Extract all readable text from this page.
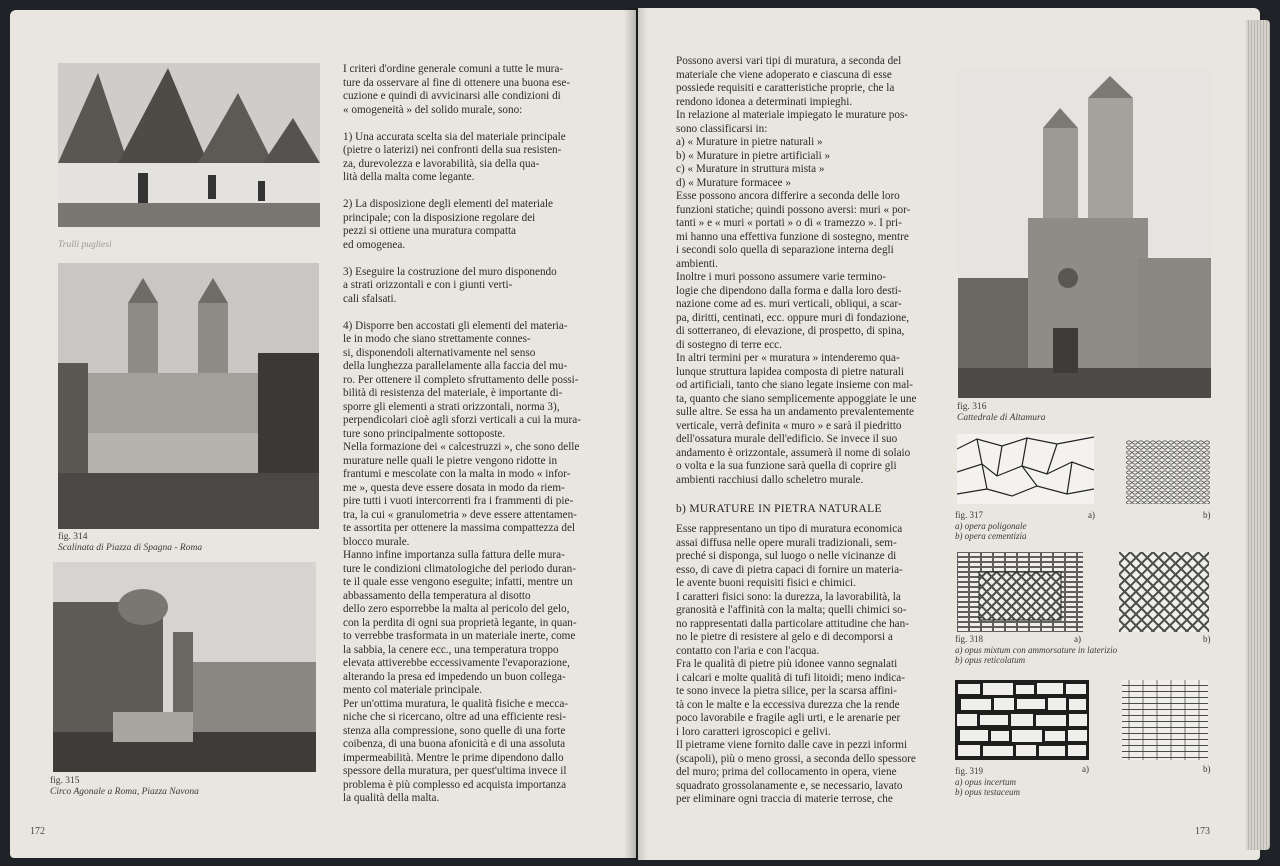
Trulli pugliesi
fig. 314
Scalinata di Piazza di Spagna - Roma
fig. 315
Circo Agonale a Roma, Piazza Navona
I criteri d'ordine generale comuni a tutte le mura-
ture da osservare al fine di ottenere una buona ese-
cuzione e quindi di avvicinarsi alle condizioni di
« omogeneità » del solido murale, sono:
1) Una accurata scelta sia del materiale principale
(pietre o laterizi) nei confronti della sua resisten-
za, durevolezza e lavorabilità, sia della qua-
lità della malta come legante.
2) La disposizione degli elementi del materiale
principale; con la disposizione regolare dei
pezzi si ottiene una muratura compatta
ed omogenea.
3) Eseguire la costruzione del muro disponendo
a strati orizzontali e con i giunti verti-
cali sfalsati.
4) Disporre ben accostati gli elementi del materia-
le in modo che siano strettamente connes-
si, disponendoli alternativamente nel senso
della lunghezza parallelamente alla faccia del mu-
ro. Per ottenere il completo sfruttamento delle possi-
bilità di resistenza del materiale, è importante di-
sporre gli elementi a strati orizzontali, norma 3),
perpendicolari cioè agli sforzi verticali a cui la mura-
ture sono principalmente sottoposte.
Nella formazione dei « calcestruzzi », che sono delle
murature nelle quali le pietre vengono ridotte in
frantumi e mescolate con la malta in modo « infor-
me », questa deve essere dosata in modo da riem-
pire tutti i vuoti intercorrenti fra i frammenti di pie-
tra, la cui « granulometria » deve essere attentamen-
te assortita per ottenere la massima compattezza del
blocco murale.
Hanno infine importanza sulla fattura delle mura-
ture le condizioni climatologiche del periodo duran-
te il quale esse vengono eseguite; infatti, mentre un
abbassamento della temperatura al disotto
dello zero esporrebbe la malta al pericolo del gelo,
con la perdita di ogni sua proprietà legante, in quan-
to verrebbe trasformata in un materiale inerte, come
la sabbia, la cenere ecc., una temperatura troppo
elevata attiverebbe eccessivamente l'evaporazione,
alterando la presa ed impedendo un buon collega-
mento col materiale principale.
Per un'ottima muratura, le qualità fisiche e mecca-
niche che si ricercano, oltre ad una efficiente resi-
stenza alla compressione, sono quelle di una forte
coibenza, di una buona afonicità e di una assoluta
impermeabilità. Mentre le prime dipendono dallo
spessore della muratura, per quest'ultima invece il
problema è più complesso ed acquista importanza
la qualità della malta.
172
Possono aversi vari tipi di muratura, a seconda del
materiale che viene adoperato e ciascuna di esse
possiede requisiti e caratteristiche proprie, che la
rendono idonea a determinati impieghi.
In relazione al materiale impiegato le murature pos-
sono classificarsi in:
a) « Murature in pietre naturali »
b) « Murature in pietre artificiali »
c) « Murature in struttura mista »
d) « Murature formacee »
Esse possono ancora differire a seconda delle loro
funzioni statiche; quindi possono aversi: muri « por-
tanti » e « muri « portati » o di « tramezzo ». I pri-
mi hanno una effettiva funzione di sostegno, mentre
i secondi solo quella di separazione interna degli
ambienti.
Inoltre i muri possono assumere varie termino-
logie che dipendono dalla forma e dalla loro desti-
nazione come ad es. muri verticali, obliqui, a scar-
pa, diritti, centinati, ecc. oppure muri di fondazione,
di sotterraneo, di elevazione, di prospetto, di spina,
di sostegno di terre ecc.
In altri termini per « muratura » intenderemo qua-
lunque struttura lapidea composta di pietre naturali
od artificiali, tanto che siano legate insieme con mal-
ta, quanto che siano semplicemente appoggiate le une
sulle altre. Se essa ha un andamento prevalentemente
verticale, verrà definita « muro » e sarà il piedritto
dell'ossatura murale dell'edificio. Se invece il suo
andamento è orizzontale, assumerà il nome di solaio
o volta e la sua funzione sarà quella di coprire gli
ambienti racchiusi dallo scheletro murale.
b) MURATURE IN PIETRA NATURALE
Esse rappresentano un tipo di muratura economica
assai diffusa nelle opere murali tradizionali, sem-
preché si disponga, sul luogo o nelle vicinanze di
esso, di cave di pietra capaci di fornire un materia-
le avente buoni requisiti fisici e chimici.
I caratteri fisici sono: la durezza, la lavorabilità, la
granosità e l'affinità con la malta; quelli chimici so-
no rappresentati dalla particolare attitudine che han-
no le pietre di resistere al gelo e di decomporsi a
contatto con l'aria e con l'acqua.
Fra le qualità di pietre più idonee vanno segnalati
i calcari e molte qualità di tufi litoidi; meno indica-
te sono invece la pietra silice, per la scarsa affini-
tà con le malte e la eccessiva durezza che la rende
poco lavorabile e fragile agli urti, e le arenarie per
i loro caratteri igroscopici e gelivi.
Il pietrame viene fornito dalle cave in pezzi informi
(scapoli), più o meno grossi, a seconda dello spessore
del muro; prima del collocamento in opera, viene
squadrato grossolanamente e, se necessario, lavato
per eliminare ogni traccia di materie terrose, che
173
fig. 316
Cattedrale di Altamura
a)	b)
fig. 317
a) opera poligonale
b) opera cementizia
a)	b)
fig. 318
a) opus mixtum con ammorsature in laterizio
b) opus reticolatum
a)	b)
fig. 319
a) opus incertum
b) opus testaceum
